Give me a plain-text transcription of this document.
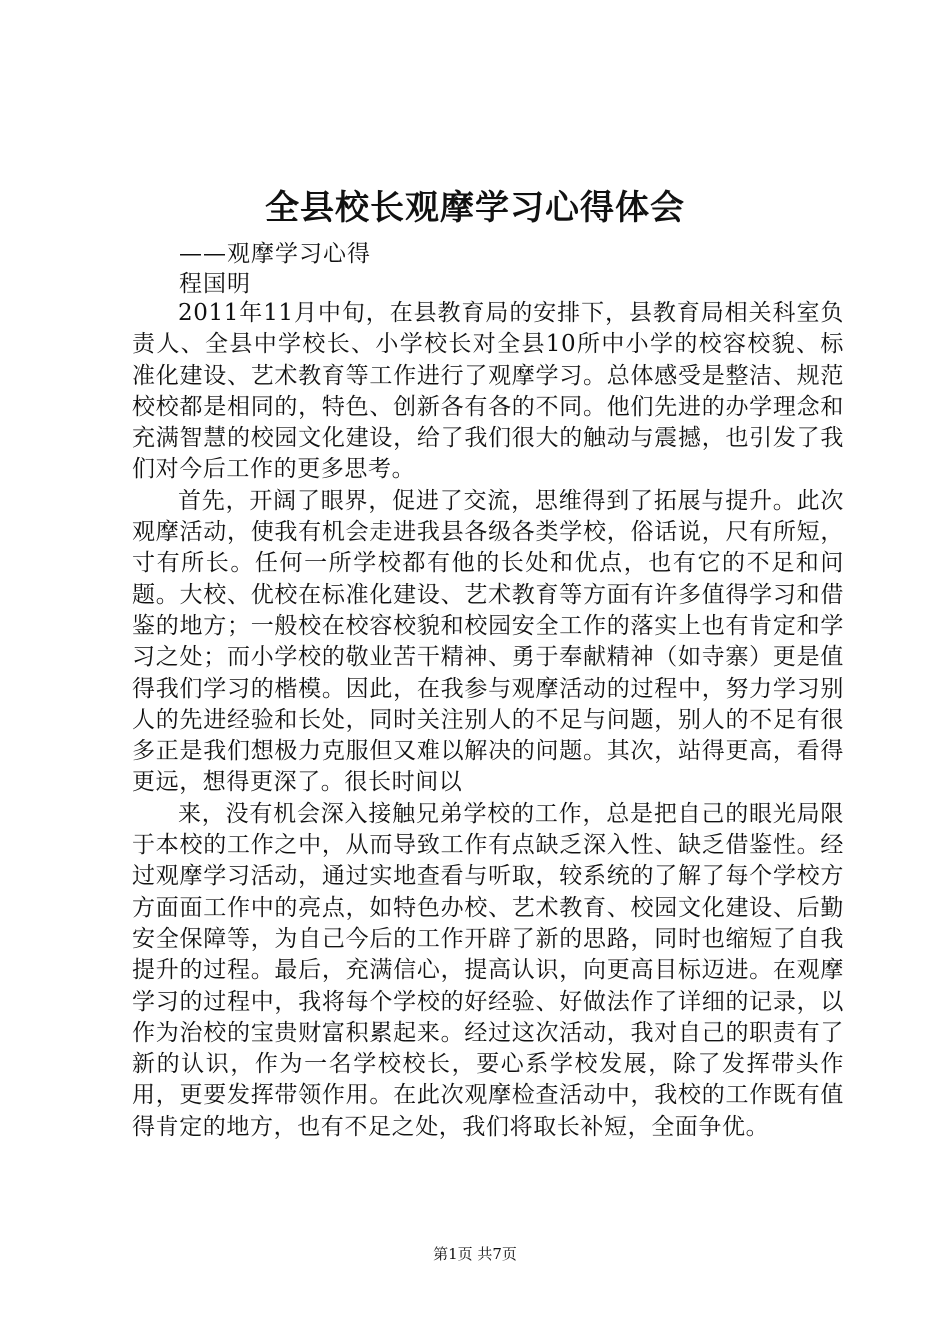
全县校长观摩学习心得体会

——观摩学习心得

程国明

2011年11月中旬，在县教育局的安排下，县教育局相关科室负责人、全县中学校长、小学校长对全县10所中小学的校容校貌、标准化建设、艺术教育等工作进行了观摩学习。总体感受是整洁、规范校校都是相同的，特色、创新各有各的不同。他们先进的办学理念和充满智慧的校园文化建设，给了我们很大的触动与震撼，也引发了我们对今后工作的更多思考。

首先，开阔了眼界，促进了交流，思维得到了拓展与提升。此次观摩活动，使我有机会走进我县各级各类学校，俗话说，尺有所短，寸有所长。任何一所学校都有他的长处和优点，也有它的不足和问题。大校、优校在标准化建设、艺术教育等方面有许多值得学习和借鉴的地方；一般校在校容校貌和校园安全工作的落实上也有肯定和学习之处；而小学校的敬业苦干精神、勇于奉献精神（如寺寨）更是值得我们学习的楷模。因此，在我参与观摩活动的过程中，努力学习别人的先进经验和长处，同时关注别人的不足与问题，别人的不足有很多正是我们想极力克服但又难以解决的问题。其次，站得更高，看得更远，想得更深了。很长时间以

来，没有机会深入接触兄弟学校的工作，总是把自己的眼光局限于本校的工作之中，从而导致工作有点缺乏深入性、缺乏借鉴性。经过观摩学习活动，通过实地查看与听取，较系统的了解了每个学校方方面面工作中的亮点，如特色办校、艺术教育、校园文化建设、后勤安全保障等，为自己今后的工作开辟了新的思路，同时也缩短了自我提升的过程。最后，充满信心，提高认识，向更高目标迈进。在观摩学习的过程中，我将每个学校的好经验、好做法作了详细的记录，以作为治校的宝贵财富积累起来。经过这次活动，我对自己的职责有了新的认识，作为一名学校校长，要心系学校发展，除了发挥带头作用，更要发挥带领作用。在此次观摩检查活动中，我校的工作既有值得肯定的地方，也有不足之处，我们将取长补短，全面争优。

第1页 共7页
